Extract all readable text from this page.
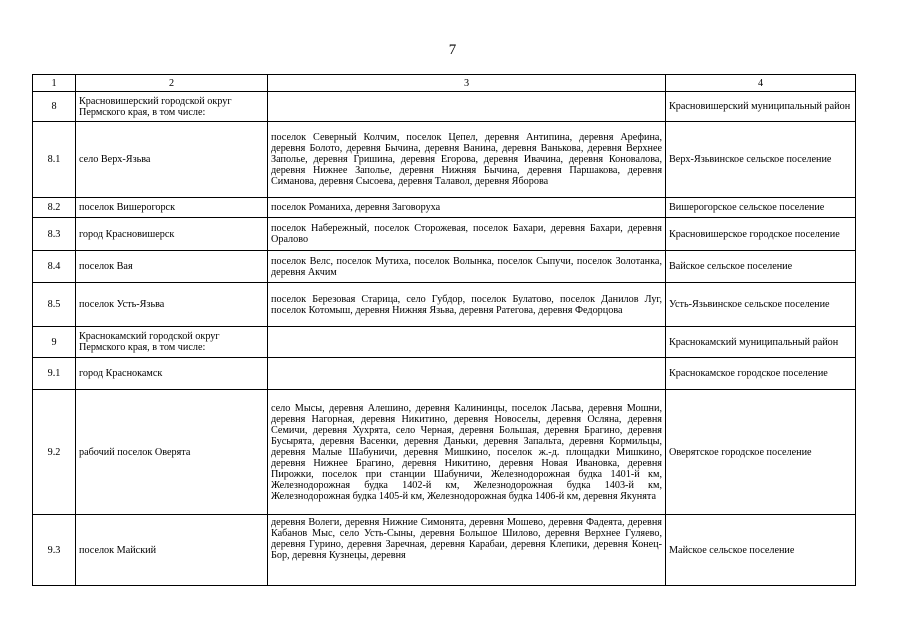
7
1	2	3	4
8	Красновишерский городской округ Пермского края, в том числе:		Красновишерский муниципальный район
8.1	село Верх-Язьва	поселок Северный Колчим, поселок Цепел, деревня Антипина, деревня Арефина, деревня Болото, деревня Бычина, деревня Ванина, деревня Ванькова, деревня Верхнее Заполье, деревня Гришина, деревня Егорова, деревня Ивачина, деревня Коновалова, деревня Нижнее Заполье, деревня Нижняя Бычина, деревня Паршакова, деревня Симанова, деревня Сысоева, деревня Талавол, деревня Яборова	Верх-Язьвинское сельское поселение
8.2	поселок Вишерогорск	поселок Романиха, деревня Заговоруха	Вишерогорское сельское поселение
8.3	город Красновишерск	поселок Набережный, поселок Сторожевая, поселок Бахари, деревня Бахари, деревня Оралово	Красновишерское городское поселение
8.4	поселок Вая	поселок Велс, поселок Мутиха, поселок Волынка, поселок Сыпучи, поселок Золотанка, деревня Акчим	Вайское сельское поселение
8.5	поселок Усть-Язьва	поселок Березовая Старица, село Губдор, поселок Булатово, поселок Данилов Луг, поселок Котомыш, деревня Нижняя Язьва, деревня Ратегова, деревня Федорцова	Усть-Язьвинское сельское поселение
9	Краснокамский городской округ Пермского края, в том числе:		Краснокамский муниципальный район
9.1	город Краснокамск		Краснокамское городское поселение
9.2	рабочий поселок Оверята	село Мысы, деревня Алешино, деревня Калининцы, поселок Ласьва, деревня Мошни, деревня Нагорная, деревня Никитино, деревня Новоселы, деревня Осляна, деревня Семичи, деревня Хухрята, село Черная, деревня Большая, деревня Брагино, деревня Бусырята, деревня Васенки, деревня Даньки, деревня Запальта, деревня Кормильцы, деревня Малые Шабуничи, деревня Мишкино, поселок ж.-д. площадки Мишкино, деревня Нижнее Брагино, деревня Никитино, деревня Новая Ивановка, деревня Пирожки, поселок при станции Шабуничи, Железнодорожная будка 1401-й км, Железнодорожная будка 1402-й км, Железнодорожная будка 1403-й км, Железнодорожная будка 1405-й км, Железнодорожная будка 1406-й км, деревня Якунята	Оверятское городское поселение
9.3	поселок Майский	деревня Волеги, деревня Нижние Симонята, деревня Мошево, деревня Фадеята, деревня Кабанов Мыс, село Усть-Сыны, деревня Большое Шилово, деревня Верхнее Гуляево, деревня Гурино, деревня Заречная, деревня Карабаи, деревня Клепики, деревня Конец-Бор, деревня Кузнецы, деревня	Майское сельское поселение
